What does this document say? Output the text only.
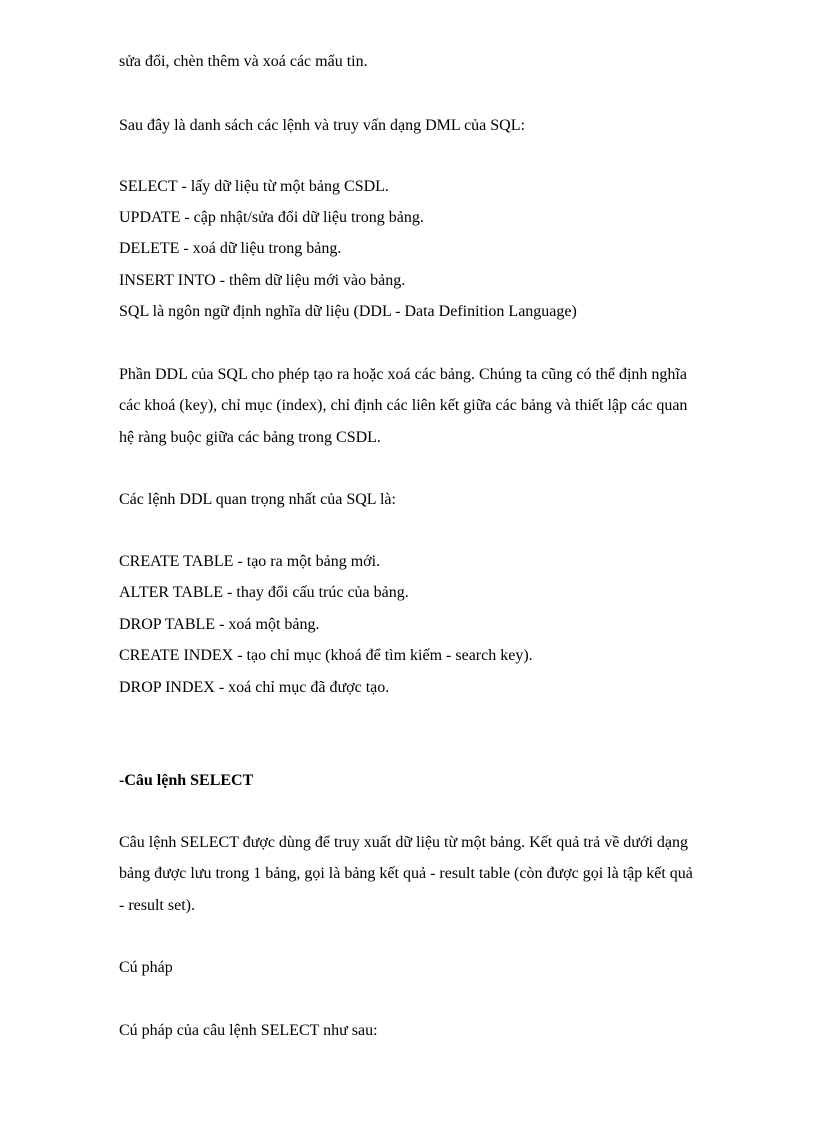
sửa đổi, chèn thêm và xoá các mẩu tin.
Sau đây là danh sách các lệnh và truy vấn dạng DML của SQL:
SELECT - lấy dữ liệu từ một bảng CSDL.
UPDATE - cập nhật/sửa đổi dữ liệu trong bảng.
DELETE - xoá dữ liệu trong bảng.
INSERT INTO - thêm dữ liệu mới vào bảng.
SQL là ngôn ngữ định nghĩa dữ liệu (DDL - Data Definition Language)
Phần DDL của SQL cho phép tạo ra hoặc xoá các bảng. Chúng ta cũng có thể định nghĩa
các khoá (key), chỉ mục (index), chỉ định các liên kết giữa các bảng và thiết lập các quan
hệ ràng buộc giữa các bảng trong CSDL.
Các lệnh DDL quan trọng nhất của SQL là:
CREATE TABLE - tạo ra một bảng mới.
ALTER TABLE - thay đổi cấu trúc của bảng.
DROP TABLE - xoá một bảng.
CREATE INDEX - tạo chỉ mục (khoá để tìm kiếm - search key).
DROP INDEX - xoá chỉ mục đã được tạo.
-Câu lệnh SELECT
Câu lệnh SELECT được dùng để truy xuất dữ liệu từ một bảng. Kết quả trả về dưới dạng
bảng được lưu trong 1 bảng, gọi là bảng kết quả - result table (còn được gọi là tập kết quả
- result set).
Cú pháp
Cú pháp của câu lệnh SELECT như sau:
